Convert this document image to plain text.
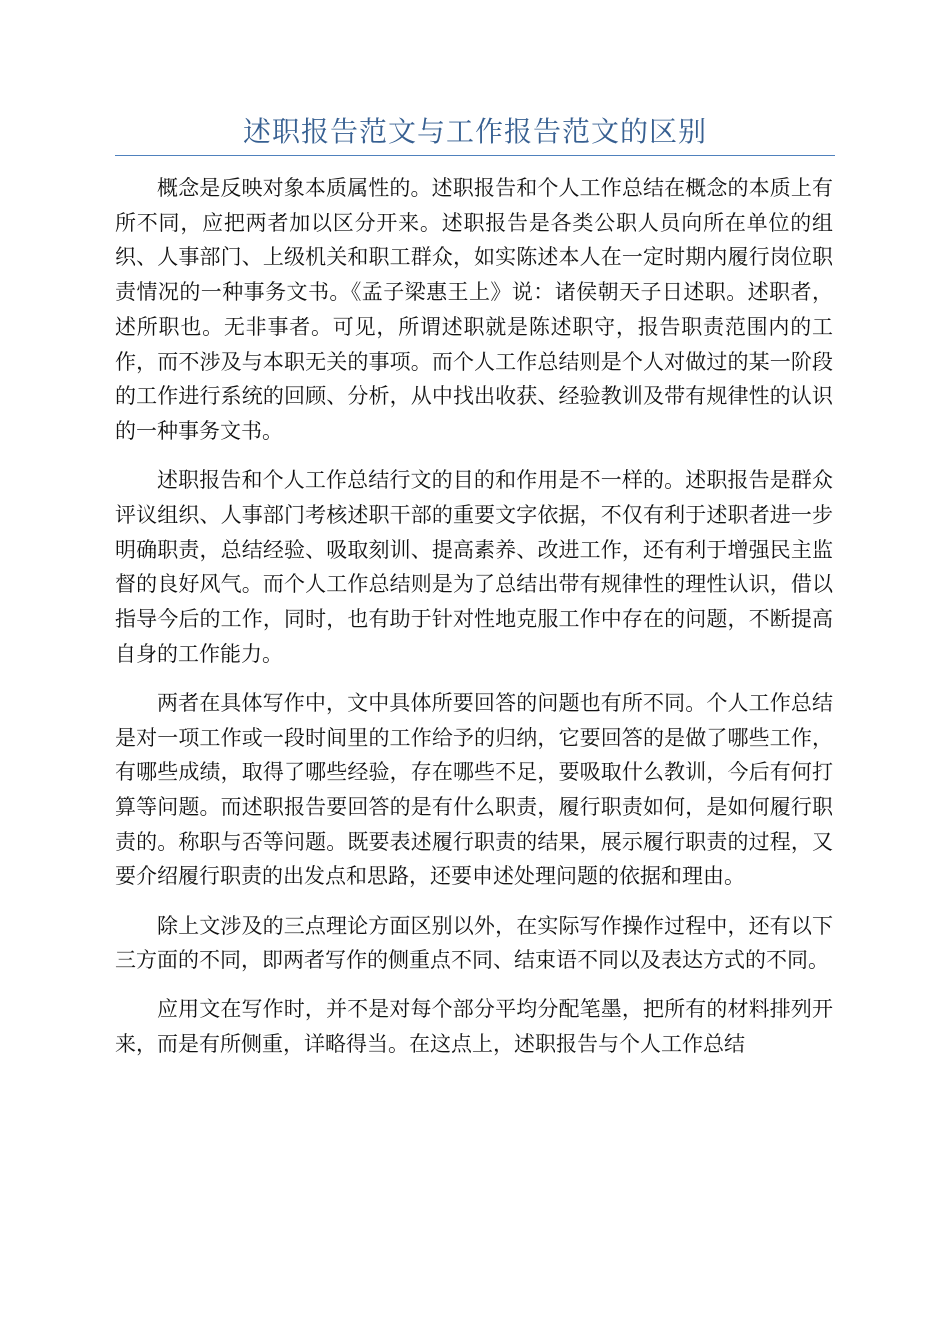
述职报告范文与工作报告范文的区别

概念是反映对象本质属性的。述职报告和个人工作总结在概念的本质上有所不同，应把两者加以区分开来。述职报告是各类公职人员向所在单位的组织、人事部门、上级机关和职工群众，如实陈述本人在一定时期内履行岗位职责情况的一种事务文书。《孟子梁惠王上》说：诸侯朝天子日述职。述职者，述所职也。无非事者。可见，所谓述职就是陈述职守，报告职责范围内的工作，而不涉及与本职无关的事项。而个人工作总结则是个人对做过的某一阶段的工作进行系统的回顾、分析，从中找出收获、经验教训及带有规律性的认识的一种事务文书。

述职报告和个人工作总结行文的目的和作用是不一样的。述职报告是群众评议组织、人事部门考核述职干部的重要文字依据，不仅有利于述职者进一步明确职责，总结经验、吸取刻训、提高素养、改进工作，还有利于增强民主监督的良好风气。而个人工作总结则是为了总结出带有规律性的理性认识，借以指导今后的工作，同时，也有助于针对性地克服工作中存在的问题，不断提高自身的工作能力。

两者在具体写作中，文中具体所要回答的问题也有所不同。个人工作总结是对一项工作或一段时间里的工作给予的归纳，它要回答的是做了哪些工作，有哪些成绩，取得了哪些经验，存在哪些不足，要吸取什么教训，今后有何打算等问题。而述职报告要回答的是有什么职责，履行职责如何，是如何履行职责的。称职与否等问题。既要表述履行职责的结果，展示履行职责的过程，又要介绍履行职责的出发点和思路，还要申述处理问题的依据和理由。

除上文涉及的三点理论方面区别以外，在实际写作操作过程中，还有以下三方面的不同，即两者写作的侧重点不同、结束语不同以及表达方式的不同。

应用文在写作时，并不是对每个部分平均分配笔墨，把所有的材料排列开来，而是有所侧重，详略得当。在这点上，述职报告与个人工作总结
